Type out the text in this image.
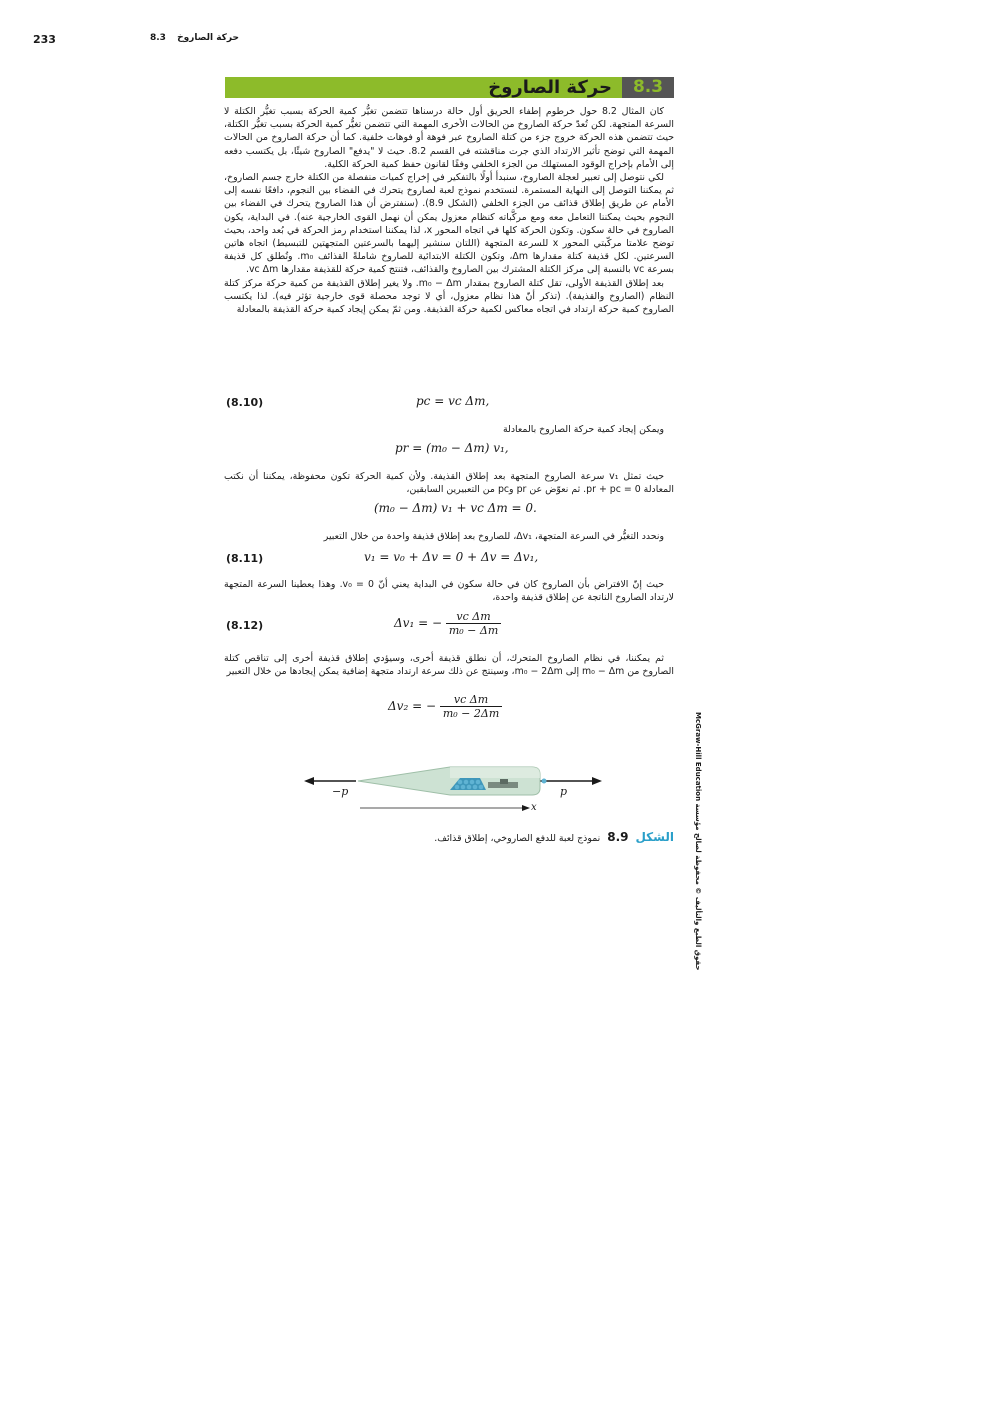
233	حركة الصاروخ 8.3
8.3
حركة الصاروخ

كان المثال 8.2 حول خرطوم إطفاء الحريق أول حالة درسناها تتضمن تغيُّر كمية الحركة بسبب تغيُّر الكتلة لا السرعة المتجهة. لكن تُعدّ حركة الصاروخ من الحالات الأخرى المهمة التي تتضمن تغيُّر كمية الحركة بسبب تغيُّر الكتلة، حيث تتضمن هذه الحركة خروج جزء من كتلة الصاروخ عبر فوهة أو فوهات خلفية. كما أن حركة الصاروخ من الحالات المهمة التي توضح تأثير الارتداد الذي جرت مناقشته في القسم 8.2. حيث لا "يدفع" الصاروخ شيئًا، بل يكتسب دفعه إلى الأمام بإخراج الوقود المستهلك من الجزء الخلفي وفقًا لقانون حفظ كمية الحركة الكلية.

لكي نتوصل إلى تعبير لعجلة الصاروخ، سنبدأ أولًا بالتفكير في إخراج كميات منفصلة من الكتلة خارج جسم الصاروخ، ثم يمكننا التوصل إلى النهاية المستمرة. لنستخدم نموذج لعبة لصاروخ يتحرك في الفضاء بين النجوم، دافعًا نفسه إلى الأمام عن طريق إطلاق قذائف من الجزء الخلفي (الشكل 8.9). (سنفترض أن هذا الصاروخ يتحرك في الفضاء بين النجوم بحيث يمكننا التعامل معه ومع مركَّباته كنظام معزول يمكن أن نهمل القوى الخارجية عنه). في البداية، يكون الصاروخ في حالة سكون. وتكون الحركة كلها في اتجاه المحور x، لذا يمكننا استخدام رمز الحركة في بُعد واحد، بحيث توضح علامتا مركّبتي المحور x للسرعة المتجهة (اللتان سنشير إليهما بالسرعتين المتجهتين للتبسيط) اتجاه هاتين السرعتين. لكل قذيفة كتلة مقدارها Δm، وتكون الكتلة الابتدائية للصاروخ شاملةً القذائف m₀. وتُطلق كل قذيفة بسرعة vc بالنسبة إلى مركز الكتلة المشترك بين الصاروخ والقذائف، فتنتج كمية حركة للقذيفة مقدارها vc Δm.

بعد إطلاق القذيفة الأولى، تقل كتلة الصاروخ بمقدار m₀ − Δm. ولا يغير إطلاق القذيفة من كمية حركة مركز كتلة النظام (الصاروخ والقذيفة). (تذكر أنّ هذا نظام معزول، أي لا توجد محصلة قوى خارجية تؤثر فيه). لذا يكتسب الصاروخ كمية حركة ارتداد في اتجاه معاكس لكمية حركة القذيفة. ومن ثمّ يمكن إيجاد كمية حركة القذيفة بالمعادلة

(8.10)	pc = vc Δm,

ويمكن إيجاد كمية حركة الصاروخ بالمعادلة

pr = (m₀ − Δm) v₁,

حيث تمثل v₁ سرعة الصاروخ المتجهة بعد إطلاق القذيفة. ولأن كمية الحركة تكون محفوظة، يمكننا أن نكتب المعادلة pr + pc = 0. ثم نعوّض عن pr وpc من التعبيرين السابقين،

(m₀ − Δm) v₁ + vc Δm = 0.

ونحدد التغيُّر في السرعة المتجهة، Δv₁، للصاروخ بعد إطلاق قذيفة واحدة من خلال التعبير

(8.11)	v₁ = v₀ + Δv = 0 + Δv = Δv₁,

حيث إنّ الافتراض بأن الصاروخ كان في حالة سكون في البداية يعني أنّ v₀ = 0. وهذا يعطينا السرعة المتجهة لارتداد الصاروخ الناتجة عن إطلاق قذيفة واحدة،

(8.12)	Δv₁ = − $\frac{\text{vc Δm}}{\text{m₀ − Δm}}$

ثم يمكننا، في نظام الصاروخ المتحرك، أن نطلق قذيفة أخرى، وسيؤدي إطلاق قذيفة أخرى إلى تناقص كتلة الصاروخ من m₀ − Δm إلى m₀ − 2Δm، وسينتج عن ذلك سرعة ارتداد متجهة إضافية يمكن إيجادها من خلال التعبير

Δv₂ = − $\frac{\text{vc Δm}}{\text{m₀ − 2Δm}}$
−p	p
x
الشكل 8.9 نموذج لعبة للدفع الصاروخي، إطلاق قذائف.
حقوق الطبع والتأليف © محفوظة لصالح مؤسسة McGraw-Hill Education
